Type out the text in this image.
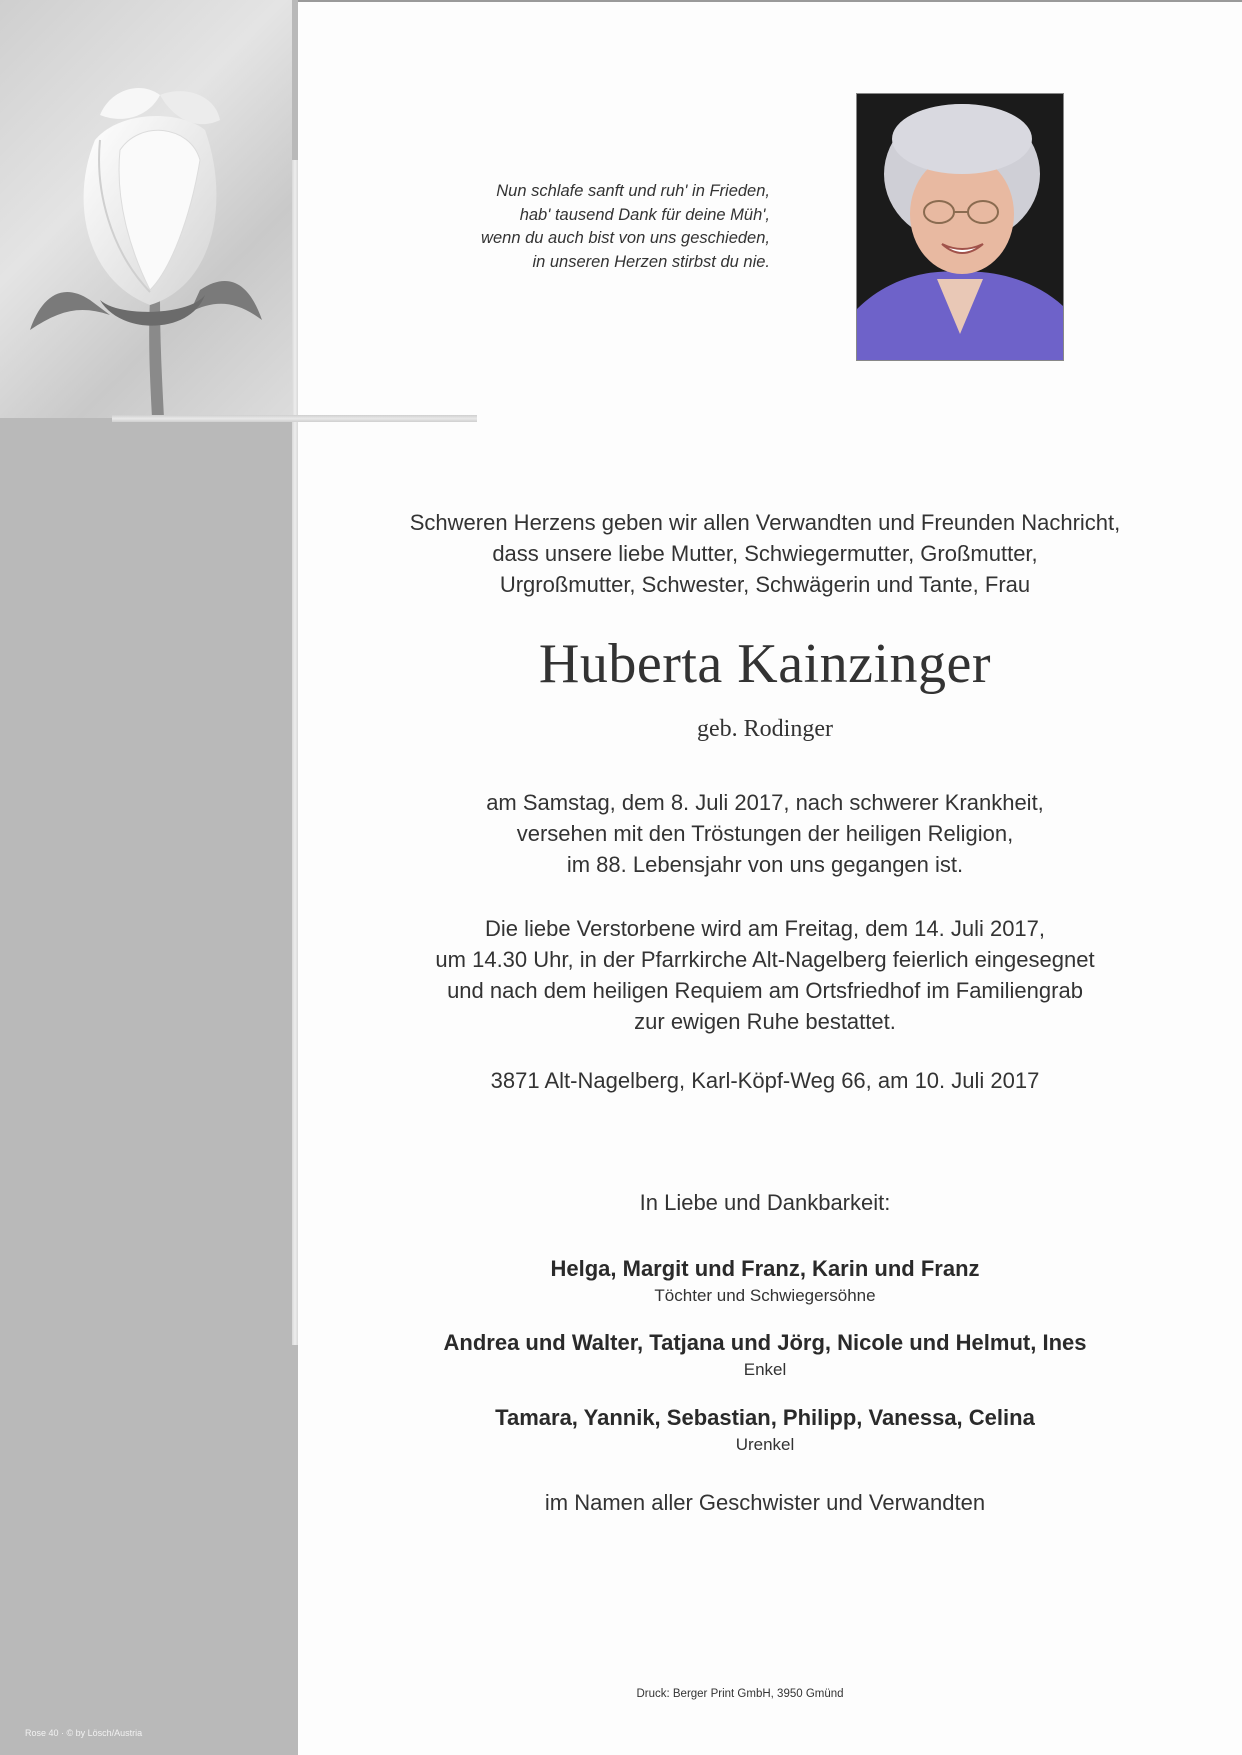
Nun schlafe sanft und ruh' in Frieden,
hab' tausend Dank für deine Müh',
wenn du auch bist von uns geschieden,
in unseren Herzen stirbst du nie.
Schweren Herzens geben wir allen Verwandten und Freunden Nachricht,
dass unsere liebe Mutter, Schwiegermutter, Großmutter,
Urgroßmutter, Schwester, Schwägerin und Tante, Frau
Huberta Kainzinger
geb. Rodinger
am Samstag, dem 8. Juli 2017, nach schwerer Krankheit,
versehen mit den Tröstungen der heiligen Religion,
im 88. Lebensjahr von uns gegangen ist.
Die liebe Verstorbene wird am Freitag, dem 14. Juli 2017,
um 14.30 Uhr, in der Pfarrkirche Alt-Nagelberg feierlich eingesegnet
und nach dem heiligen Requiem am Ortsfriedhof im Familiengrab
zur ewigen Ruhe bestattet.
3871 Alt-Nagelberg, Karl-Köpf-Weg 66, am 10. Juli 2017
In Liebe und Dankbarkeit:
Helga, Margit und Franz, Karin und Franz
Töchter und Schwiegersöhne
Andrea und Walter, Tatjana und Jörg, Nicole und Helmut, Ines
Enkel
Tamara, Yannik, Sebastian, Philipp, Vanessa, Celina
Urenkel
im Namen aller Geschwister und Verwandten
Druck: Berger Print GmbH, 3950 Gmünd
Rose 40 · © by Lösch/Austria
